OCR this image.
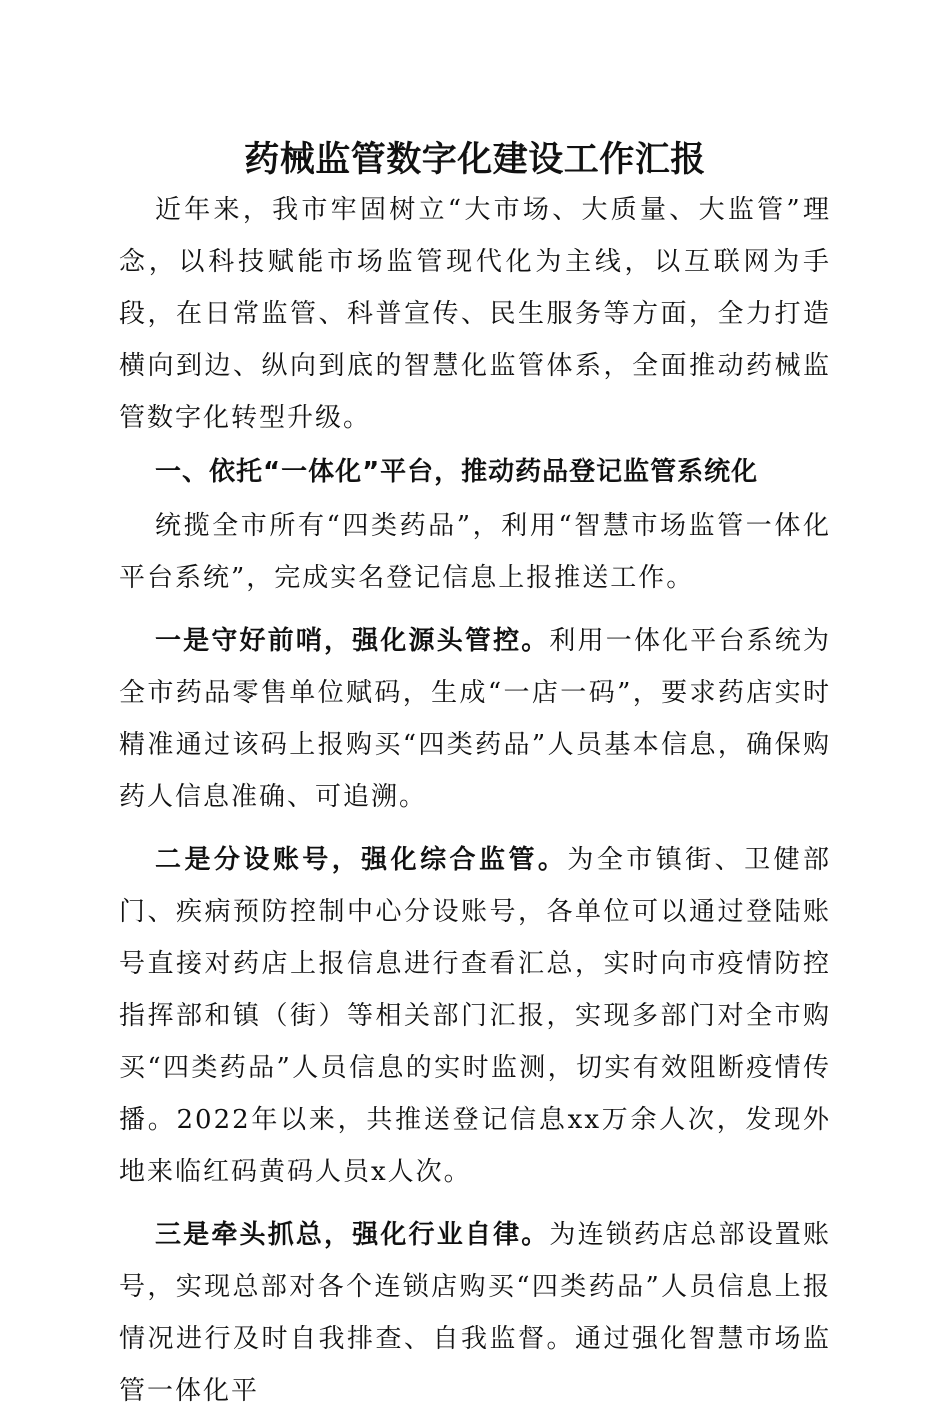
药械监管数字化建设工作汇报

近年来，我市牢固树立“大市场、大质量、大监管”理念，以科技赋能市场监管现代化为主线，以互联网为手段，在日常监管、科普宣传、民生服务等方面，全力打造横向到边、纵向到底的智慧化监管体系，全面推动药械监管数字化转型升级。

一、依托“一体化”平台，推动药品登记监管系统化

统揽全市所有“四类药品”，利用“智慧市场监管一体化平台系统”，完成实名登记信息上报推送工作。

一是守好前哨，强化源头管控。利用一体化平台系统为全市药品零售单位赋码，生成“一店一码”，要求药店实时精准通过该码上报购买“四类药品”人员基本信息，确保购药人信息准确、可追溯。

二是分设账号，强化综合监管。为全市镇街、卫健部门、疾病预防控制中心分设账号，各单位可以通过登陆账号直接对药店上报信息进行查看汇总，实时向市疫情防控指挥部和镇（街）等相关部门汇报，实现多部门对全市购买“四类药品”人员信息的实时监测，切实有效阻断疫情传播。2022年以来，共推送登记信息xx万余人次，发现外地来临红码黄码人员x人次。

三是牵头抓总，强化行业自律。为连锁药店总部设置账号，实现总部对各个连锁店购买“四类药品”人员信息上报情况进行及时自我排查、自我监督。通过强化智慧市场监管一体化平
